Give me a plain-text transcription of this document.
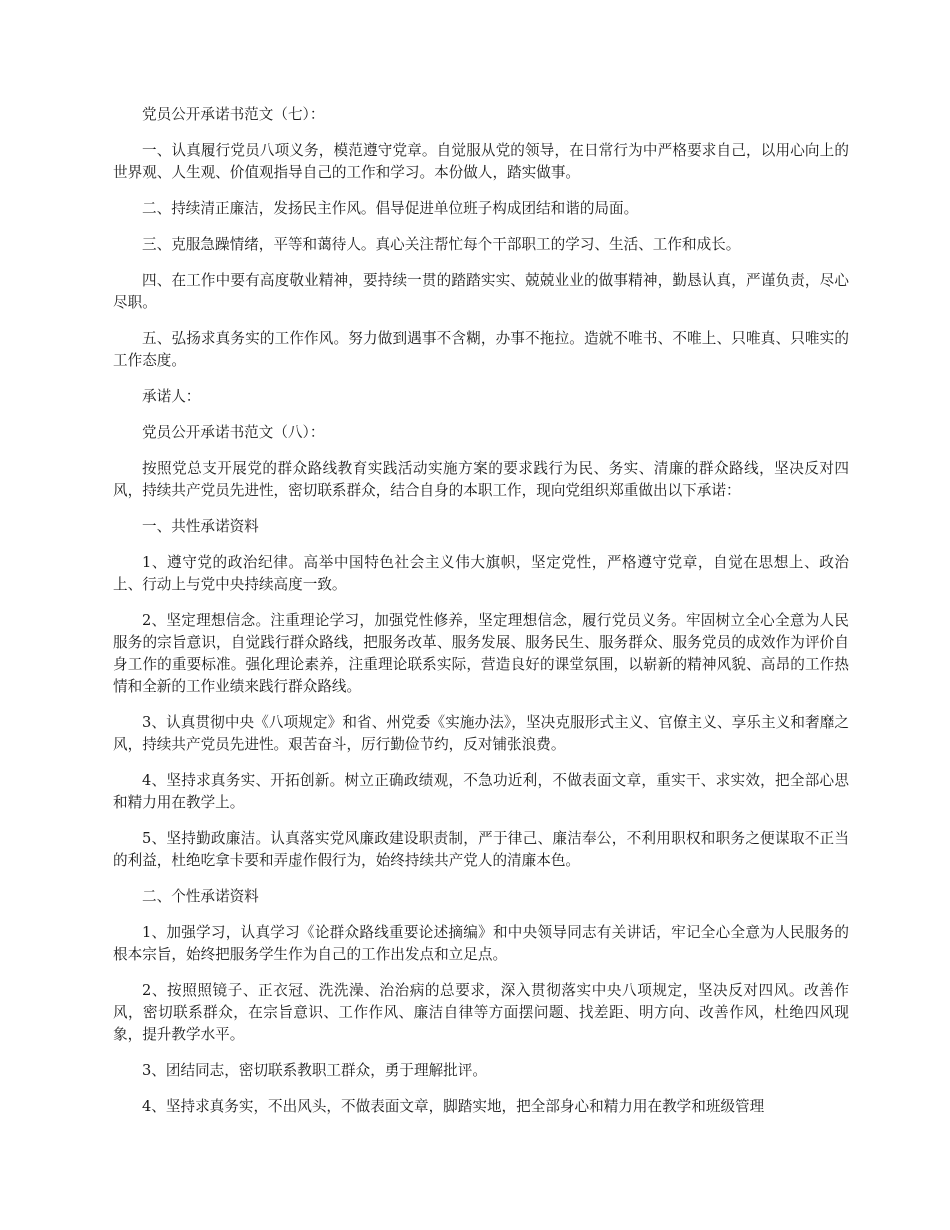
党员公开承诺书范文（七）：

一、认真履行党员八项义务，模范遵守党章。自觉服从党的领导，在日常行为中严格要求自己，以用心向上的世界观、人生观、价值观指导自己的工作和学习。本份做人，踏实做事。

二、持续清正廉洁，发扬民主作风。倡导促进单位班子构成团结和谐的局面。

三、克服急躁情绪，平等和蔼待人。真心关注帮忙每个干部职工的学习、生活、工作和成长。

四、在工作中要有高度敬业精神，要持续一贯的踏踏实实、兢兢业业的做事精神，勤恳认真，严谨负责，尽心尽职。

五、弘扬求真务实的工作作风。努力做到遇事不含糊，办事不拖拉。造就不唯书、不唯上、只唯真、只唯实的工作态度。

承诺人：

党员公开承诺书范文（八）：

按照党总支开展党的群众路线教育实践活动实施方案的要求践行为民、务实、清廉的群众路线，坚决反对四风，持续共产党员先进性，密切联系群众，结合自身的本职工作，现向党组织郑重做出以下承诺：

一、共性承诺资料

1、遵守党的政治纪律。高举中国特色社会主义伟大旗帜，坚定党性，严格遵守党章，自觉在思想上、政治上、行动上与党中央持续高度一致。

2、坚定理想信念。注重理论学习，加强党性修养，坚定理想信念，履行党员义务。牢固树立全心全意为人民服务的宗旨意识，自觉践行群众路线，把服务改革、服务发展、服务民生、服务群众、服务党员的成效作为评价自身工作的重要标准。强化理论素养，注重理论联系实际，营造良好的课堂氛围，以崭新的精神风貌、高昂的工作热情和全新的工作业绩来践行群众路线。

3、认真贯彻中央《八项规定》和省、州党委《实施办法》，坚决克服形式主义、官僚主义、享乐主义和奢靡之风，持续共产党员先进性。艰苦奋斗，厉行勤俭节约，反对铺张浪费。

4、坚持求真务实、开拓创新。树立正确政绩观，不急功近利，不做表面文章，重实干、求实效，把全部心思和精力用在教学上。

5、坚持勤政廉洁。认真落实党风廉政建设职责制，严于律己、廉洁奉公，不利用职权和职务之便谋取不正当的利益，杜绝吃拿卡要和弄虚作假行为，始终持续共产党人的清廉本色。

二、个性承诺资料

1、加强学习，认真学习《论群众路线重要论述摘编》和中央领导同志有关讲话，牢记全心全意为人民服务的根本宗旨，始终把服务学生作为自己的工作出发点和立足点。

2、按照照镜子、正衣冠、洗洗澡、治治病的总要求，深入贯彻落实中央八项规定，坚决反对四风。改善作风，密切联系群众，在宗旨意识、工作作风、廉洁自律等方面摆问题、找差距、明方向、改善作风，杜绝四风现象，提升教学水平。

3、团结同志，密切联系教职工群众，勇于理解批评。

4、坚持求真务实，不出风头，不做表面文章，脚踏实地，把全部身心和精力用在教学和班级管理
